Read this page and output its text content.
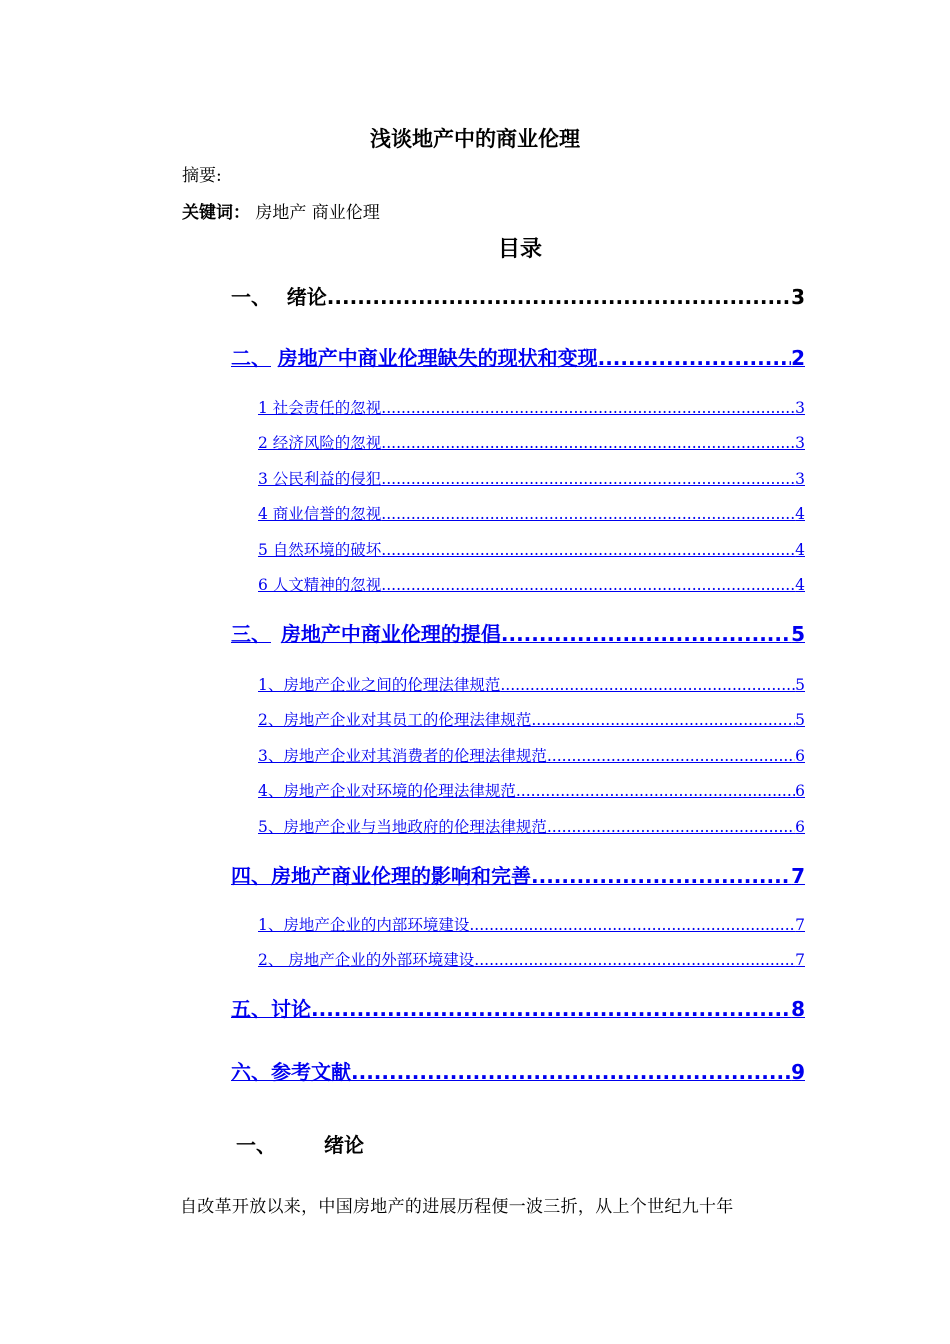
浅谈地产中的商业伦理
摘要:
关键词： 房地产 商业伦理
目录
一、 绪论 .....	3
二、 房地产中商业伦理缺失的现状和变现 .....	2
1 社会责任的忽视 .....	3
2 经济风险的忽视 .....	3
3 公民利益的侵犯 .....	3
4 商业信誉的忽视 .....	4
5 自然环境的破坏 .....	4
6 人文精神的忽视 .....	4
三、 房地产中商业伦理的提倡 .....	5
1、房地产企业之间的伦理法律规范 .....	5
2、房地产企业对其员工的伦理法律规范 .....	5
3、房地产企业对其消费者的伦理法律规范 .....	6
4、房地产企业对环境的伦理法律规范 .....	6
5、房地产企业与当地政府的伦理法律规范 .....	6
四、房地产商业伦理的影响和完善 .....	7
1、房地产企业的内部环境建设 .....	7
2、 房地产企业的外部环境建设 .....	7
五、讨论 .....	8
六、参考文献 .....	9
一、 绪论
自改革开放以来，中国房地产的进展历程便一波三折，从上个世纪九十年
